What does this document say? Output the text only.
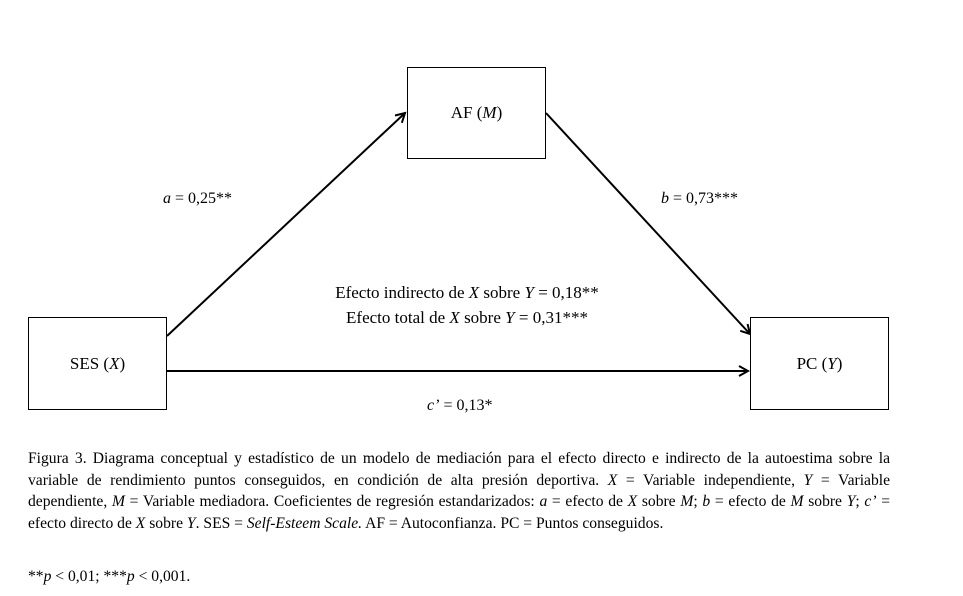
AF (M)
SES (X)	PC (Y)
a = 0,25**	b = 0,73***
c’ = 0,13*
Efecto indirecto de X sobre Y = 0,18**
Efecto total de X sobre Y = 0,31***
Figura 3. Diagrama conceptual y estadístico de un modelo de mediación para el efecto directo e indirecto de la autoestima sobre la variable de rendimiento puntos conseguidos, en condición de alta presión deportiva. X = Variable independiente, Y = Variable dependiente, M = Variable mediadora. Coeficientes de regresión estandarizados: a = efecto de X sobre M; b = efecto de M sobre Y; c’ = efecto directo de X sobre Y. SES = Self-Esteem Scale. AF = Autoconfianza. PC = Puntos conseguidos.
**p < 0,01; ***p < 0,001.
